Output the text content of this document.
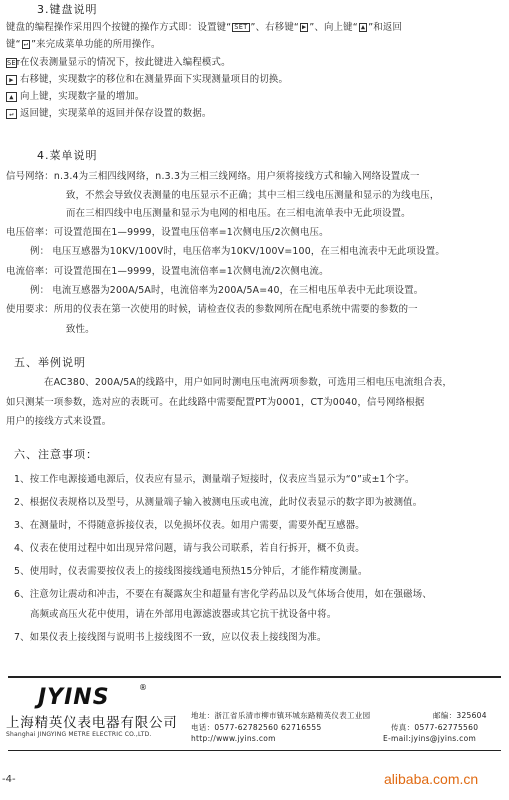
3.键盘说明
键盘的编程操作采用四个按键的操作方式即：设置键“ SET ”、右移键“ ▶ ”、向上键“ ▲ ”和返回
键“ ↵ ”来完成菜单功能的所用操作。
SET在仪表测量显示的情况下，按此键进入编程模式。
▶ 右移键，实现数字的移位和在测量界面下实现测量项目的切换。
▲ 向上键，实现数字量的增加。
↵ 返回键，实现菜单的返回并保存设置的数据。
4.菜单说明
信号网络：n.3.4为三相四线网络，n.3.3为三相三线网络。用户须将接线方式和输入网络设置成一
致，不然会导致仪表测量的电压显示不正确；其中三相三线电压测量和显示的为线电压，
而在三相四线中电压测量和显示为电网的相电压。在三相电流单表中无此项设置。
电压倍率：可设置范围在1—9999，设置电压倍率=1次侧电压/2次侧电压。
例： 电压互感器为10KV/100V时，电压倍率为10KV/100V=100，在三相电流表中无此项设置。
电流倍率：可设置范围在1—9999，设置电流倍率=1次侧电流/2次侧电流。
例： 电流互感器为200A/5A时，电流倍率为200A/5A=40，在三相电压单表中无此项设置。
使用要求：所用的仪表在第一次使用的时候，请检查仪表的参数网所在配电系统中需要的参数的一
致性。
五、举例说明
在AC380、200A/5A的线路中，用户如同时测电压电流两项参数，可选用三相电压电流组合表，
如只测某一项参数，选对应的表既可。在此线路中需要配置PT为0001，CT为0040，信号网络根据
用户的接线方式来设置。
六、注意事项：
1、按工作电源接通电源后，仪表应有显示，测量端子短接时，仪表应当显示为“0”或±1个字。
2、根据仪表规格以及型号，从测量端子输入被测电压或电流，此时仪表显示的数字即为被测值。
3、在测量时，不得随意拆接仪表，以免损坏仪表。如用户需要，需要外配互感器。
4、仪表在使用过程中如出现异常问题，请与我公司联系，若自行拆开，概不负责。
5、使用时，仪表需要按仪表上的接线图接线通电预热15分钟后，才能作精度测量。
6、注意勿让震动和冲击，不要在有凝露灰尘和超量有害化学药品以及气体场合使用，如在强磁场、
高频或高压火花中使用，请在外部用电源滤波器或其它抗干扰设备中将。
7、如果仪表上接线图与说明书上接线图不一致，应以仪表上接线图为准。
JYINS	®
上海精英仪表电器有限公司
Shanghai JINGYING METRE ELECTRIC CO.,LTD.
地址：浙江省乐清市柳市镇环城东路精英仪表工业园	邮编：325604
电话：0577-62782560 62716555	传真：0577-62775560
http://www.jyins.com	E-mail:jyins@jyins.com
-4-	alibaba.com.cn
